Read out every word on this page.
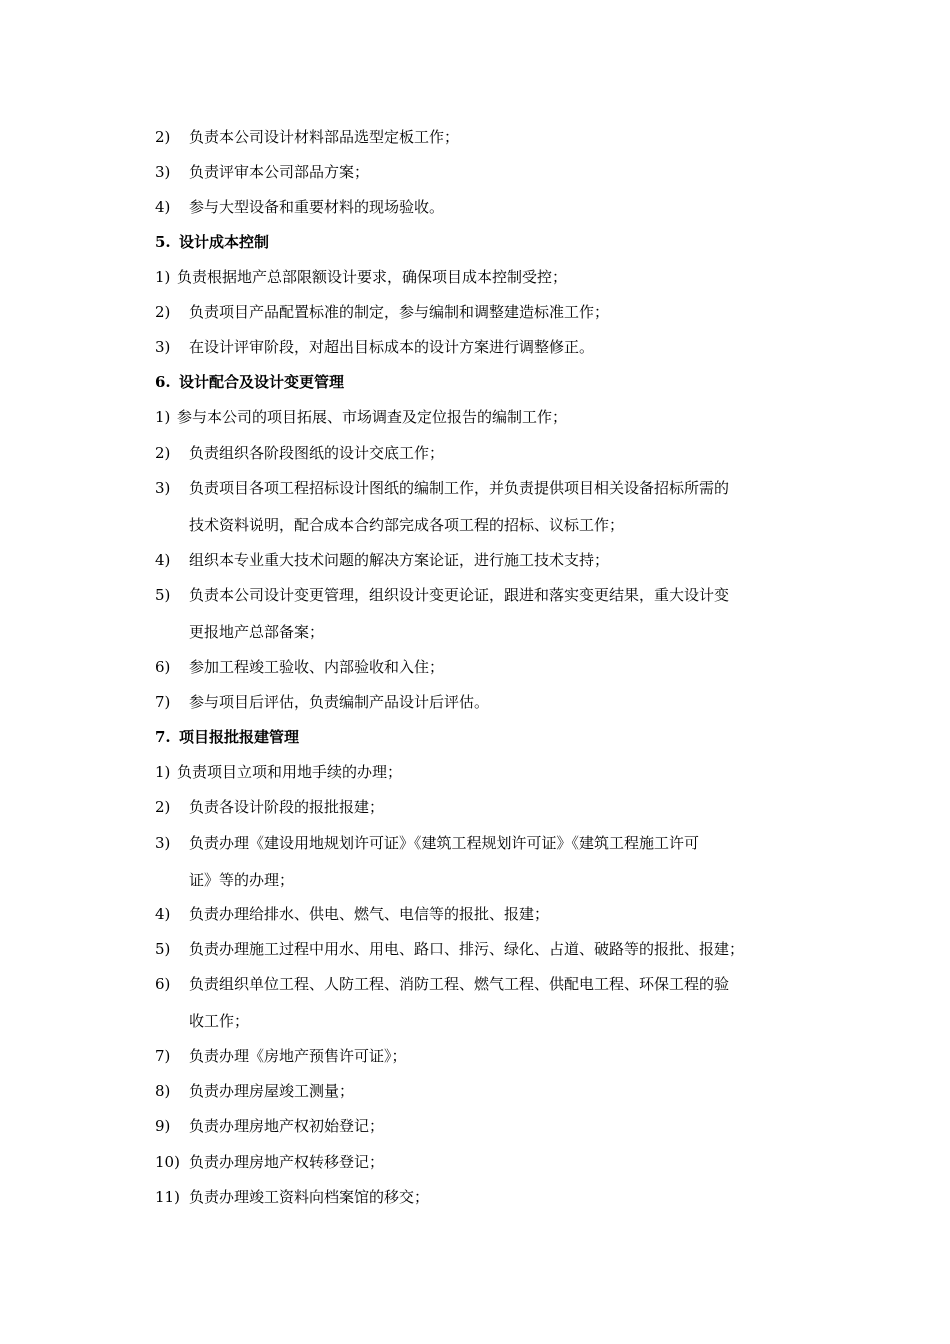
2) 负责本公司设计材料部品选型定板工作；
3) 负责评审本公司部品方案；
4) 参与大型设备和重要材料的现场验收。
5. 设计成本控制
1) 负责根据地产总部限额设计要求，确保项目成本控制受控；
2) 负责项目产品配置标准的制定，参与编制和调整建造标准工作；
3) 在设计评审阶段，对超出目标成本的设计方案进行调整修正。
6. 设计配合及设计变更管理
1) 参与本公司的项目拓展、市场调查及定位报告的编制工作；
2) 负责组织各阶段图纸的设计交底工作；
3) 负责项目各项工程招标设计图纸的编制工作，并负责提供项目相关设备招标所需的
技术资料说明，配合成本合约部完成各项工程的招标、议标工作；
4) 组织本专业重大技术问题的解决方案论证，进行施工技术支持；
5) 负责本公司设计变更管理，组织设计变更论证，跟进和落实变更结果，重大设计变
更报地产总部备案；
6) 参加工程竣工验收、内部验收和入住；
7) 参与项目后评估，负责编制产品设计后评估。
7. 项目报批报建管理
1) 负责项目立项和用地手续的办理；
2) 负责各设计阶段的报批报建；
3) 负责办理《建设用地规划许可证》《建筑工程规划许可证》《建筑工程施工许可
证》等的办理；
4) 负责办理给排水、供电、燃气、电信等的报批、报建；
5) 负责办理施工过程中用水、用电、路口、排污、绿化、占道、破路等的报批、报建；
6) 负责组织单位工程、人防工程、消防工程、燃气工程、供配电工程、环保工程的验
收工作；
7) 负责办理《房地产预售许可证》；
8) 负责办理房屋竣工测量；
9) 负责办理房地产权初始登记；
10) 负责办理房地产权转移登记；
11) 负责办理竣工资料向档案馆的移交；
